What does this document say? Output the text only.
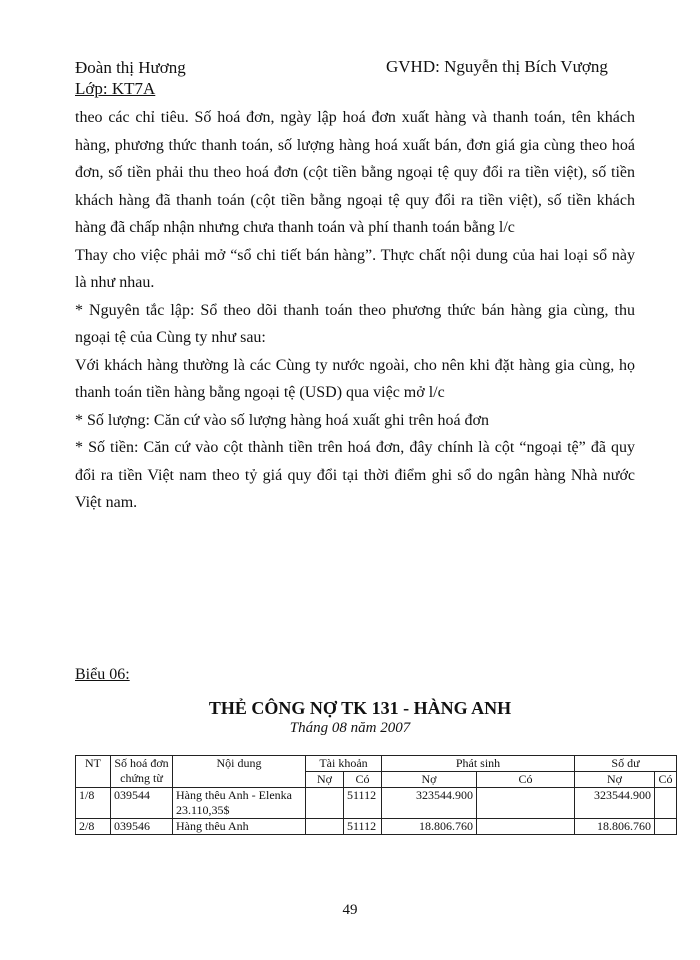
Đoàn thị Hương
Lớp: KT7A
GVHD: Nguyễn thị Bích Vượng

theo các chỉ tiêu. Số hoá đơn, ngày lập hoá đơn xuất hàng và thanh toán, tên khách hàng, phương thức thanh toán, số lượng hàng hoá xuất bán, đơn giá gia cùng theo hoá đơn, số tiền phải thu theo hoá đơn (cột tiền bằng ngoại tệ quy đổi ra tiền việt), số tiền khách hàng đã thanh toán (cột tiền bằng ngoại tệ quy đổi ra tiền việt), số tiền khách hàng đã chấp nhận nhưng chưa thanh toán và phí thanh toán bằng l/c

Thay cho việc phải mở “sổ chi tiết bán hàng”. Thực chất nội dung của hai loại sổ này là như nhau.

* Nguyên tắc lập: Sổ theo dõi thanh toán theo phương thức bán hàng gia cùng, thu ngoại tệ của Cùng ty như sau:

Với khách hàng thường là các Cùng ty nước ngoài, cho nên khi đặt hàng gia cùng, họ thanh toán tiền hàng bằng ngoại tệ (USD) qua việc mở l/c

* Số lượng: Căn cứ vào số lượng hàng hoá xuất ghi trên hoá đơn

* Số tiền: Căn cứ vào cột thành tiền trên hoá đơn, đây chính là cột “ngoại tệ” đã quy đổi ra tiền Việt nam theo tỷ giá quy đổi tại thời điểm ghi sổ do ngân hàng Nhà nước Việt nam.

Biểu 06:
THẺ CÔNG NỢ TK 131 - HÀNG ANH
Tháng 08 năm 2007
NT	Số hoá đơn chứng từ	Nội dung	Tài khoản		Phát sinh		Số dư	
			Nợ	Có	Nợ	Có	Nợ	Có
1/8	039544	Hàng thêu Anh - Elenka 23.110,35$		51112	323544.900		323544.900	
2/8	039546	Hàng thêu Anh		51112	18.806.760		18.806.760	
49
